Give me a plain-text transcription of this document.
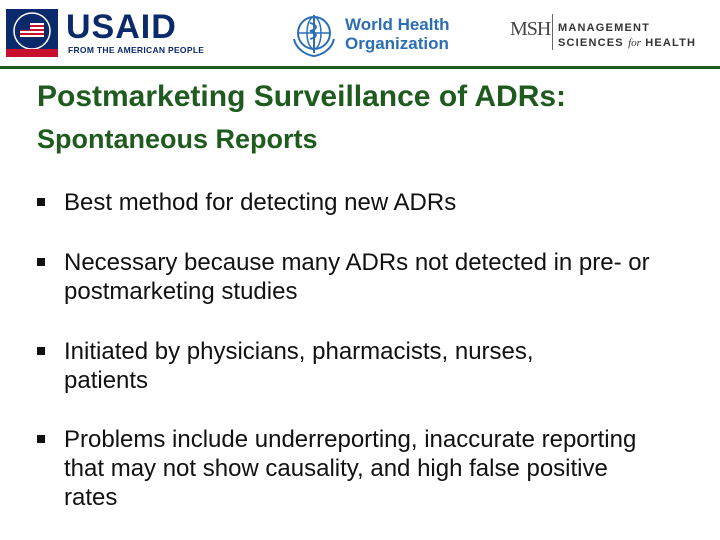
USAID
FROM THE AMERICAN PEOPLE
World Health
Organization
MSH MANAGEMENT
SCIENCES for HEALTH
Postmarketing Surveillance of ADRs:
Spontaneous Reports
Best method for detecting new ADRs
Necessary because many ADRs not detected in pre- or postmarketing studies
Initiated by physicians, pharmacists, nurses, patients
Problems include underreporting, inaccurate reporting that may not show causality, and high false positive rates
